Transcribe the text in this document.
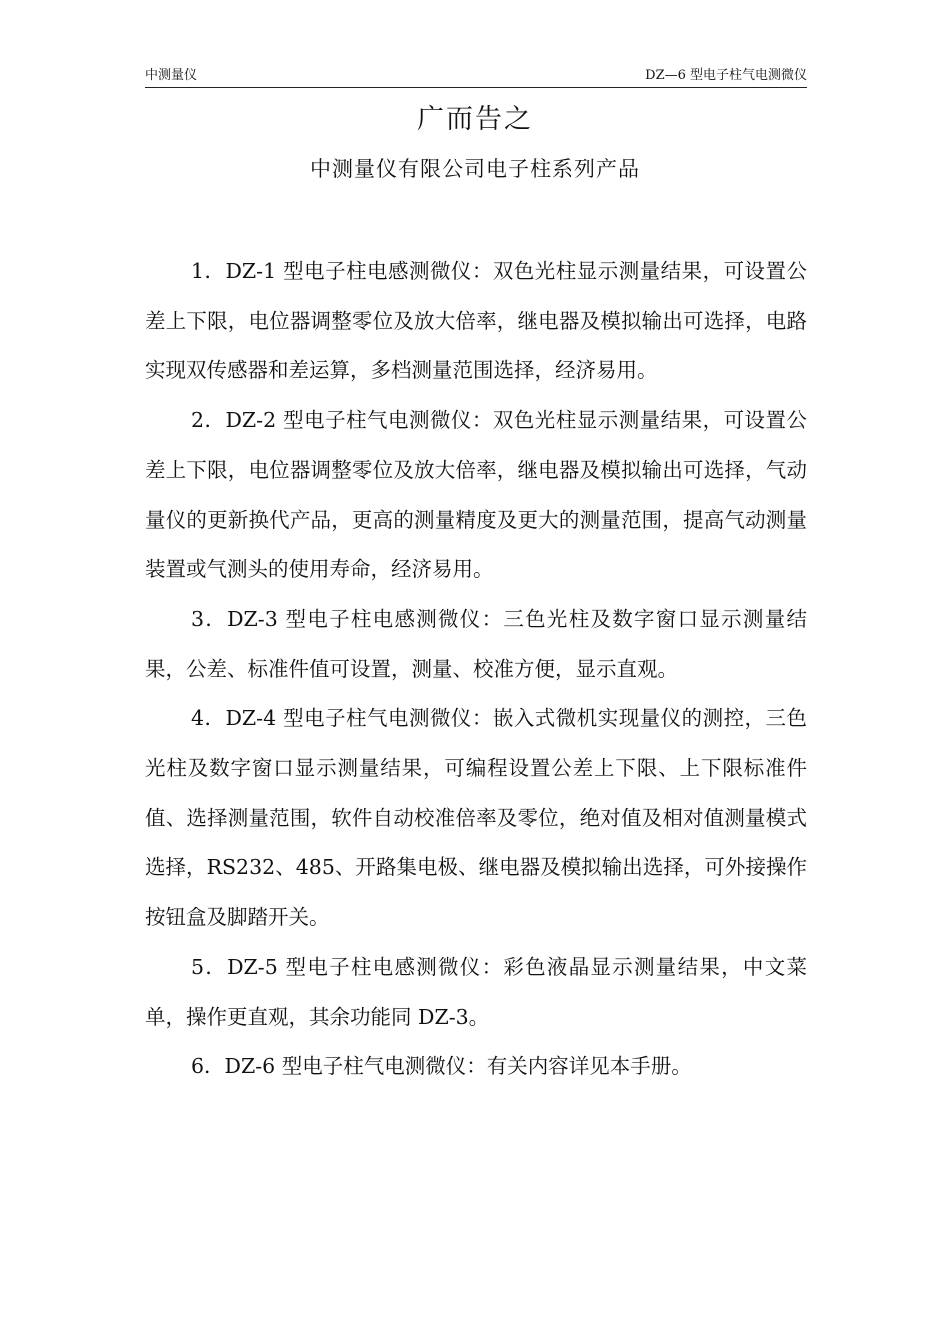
中测量仪	DZ—6 型电子柱气电测微仪
广而告之
中测量仪有限公司电子柱系列产品

1．DZ-1 型电子柱电感测微仪：双色光柱显示测量结果，可设置公差上下限，电位器调整零位及放大倍率，继电器及模拟输出可选择，电路实现双传感器和差运算，多档测量范围选择，经济易用。

2．DZ-2 型电子柱气电测微仪：双色光柱显示测量结果，可设置公差上下限，电位器调整零位及放大倍率，继电器及模拟输出可选择，气动量仪的更新换代产品，更高的测量精度及更大的测量范围，提高气动测量装置或气测头的使用寿命，经济易用。

3．DZ-3 型电子柱电感测微仪：三色光柱及数字窗口显示测量结果，公差、标准件值可设置，测量、校准方便，显示直观。

4．DZ-4 型电子柱气电测微仪：嵌入式微机实现量仪的测控，三色光柱及数字窗口显示测量结果，可编程设置公差上下限、上下限标准件值、选择测量范围，软件自动校准倍率及零位，绝对值及相对值测量模式选择，RS232、485、开路集电极、继电器及模拟输出选择，可外接操作按钮盒及脚踏开关。

5．DZ-5 型电子柱电感测微仪：彩色液晶显示测量结果，中文菜单，操作更直观，其余功能同 DZ-3。

6．DZ-6 型电子柱气电测微仪：有关内容详见本手册。
